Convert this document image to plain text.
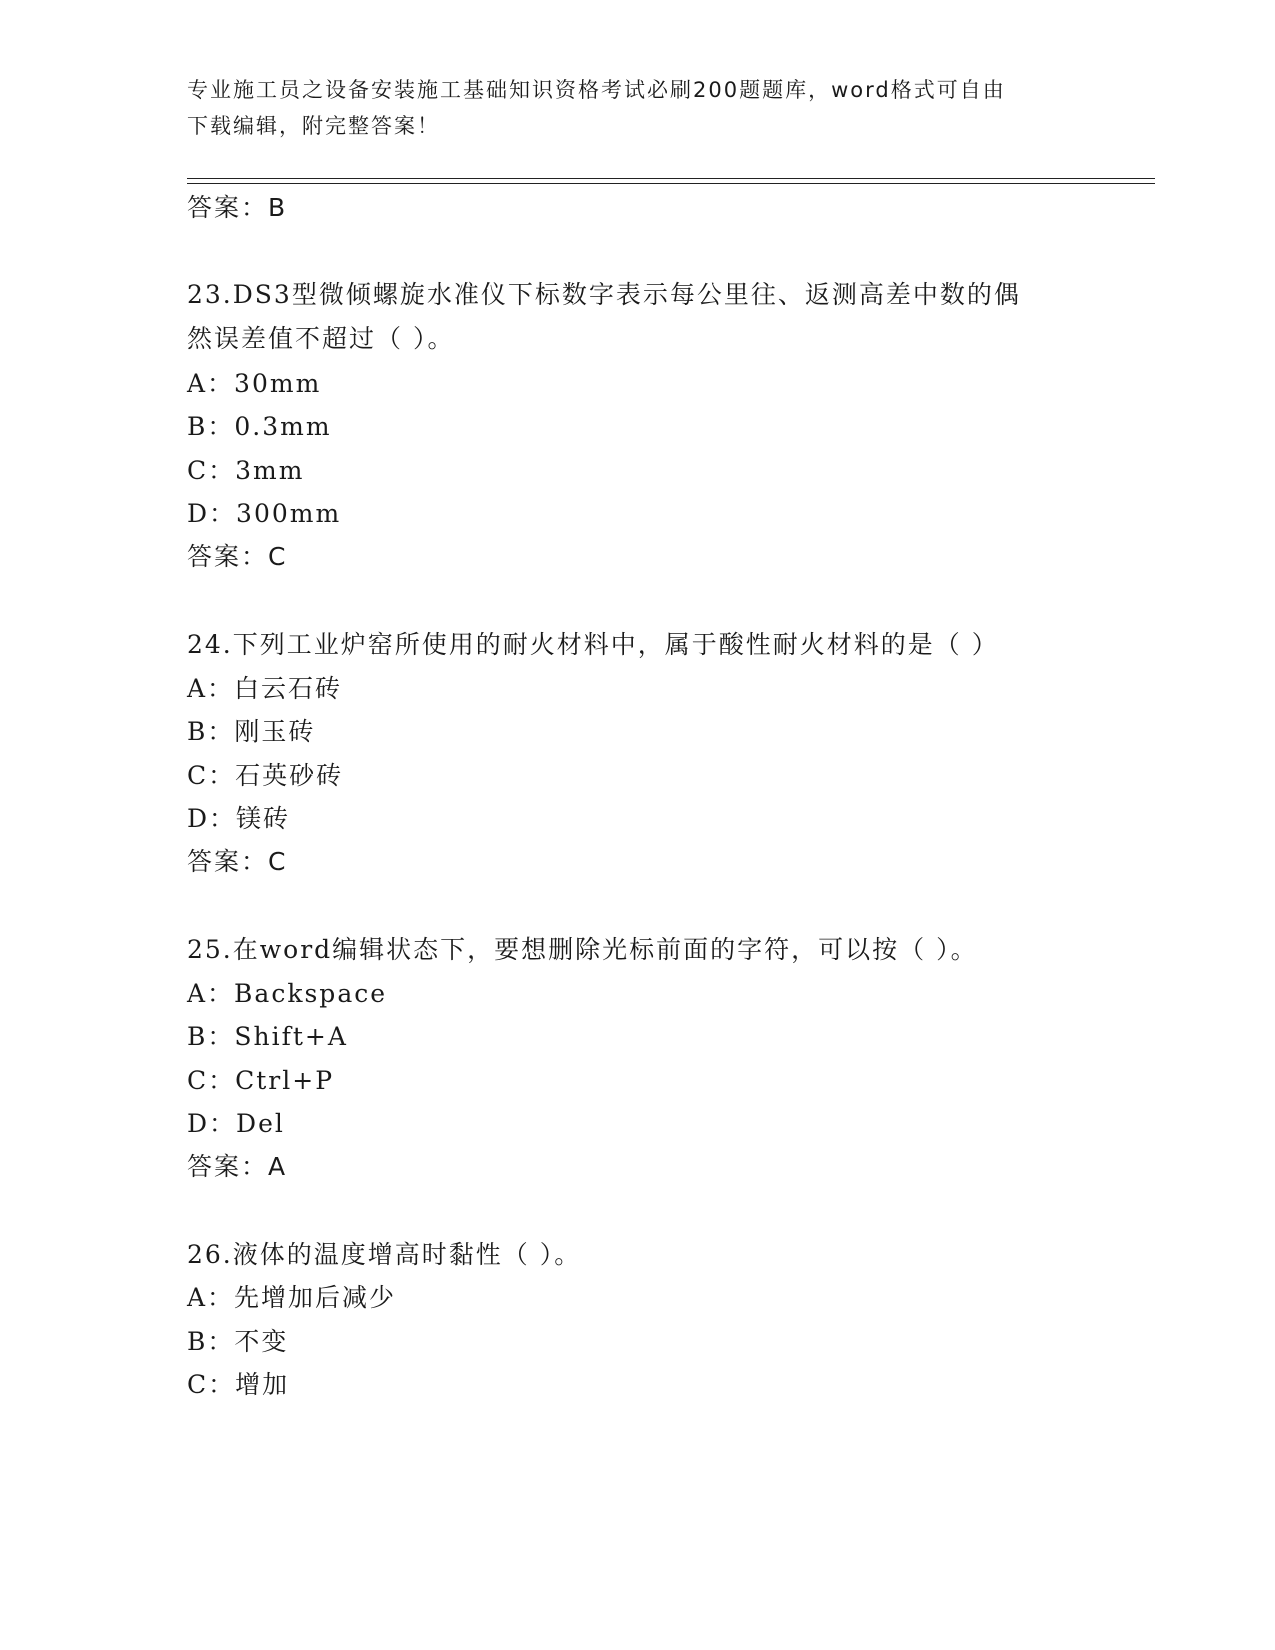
专业施工员之设备安装施工基础知识资格考试必刷200题题库，word格式可自由
下载编辑，附完整答案！
答案：B
23.DS3型微倾螺旋水准仪下标数字表示每公里往、返测高差中数的偶
然误差值不超过（ ）。
A：30mm
B：0.3mm
C：3mm
D：300mm
答案：C
24.下列工业炉窑所使用的耐火材料中，属于酸性耐火材料的是（ ）
A：白云石砖
B：刚玉砖
C：石英砂砖
D：镁砖
答案：C
25.在word编辑状态下，要想删除光标前面的字符，可以按（ ）。
A：Backspace
B：Shift+A
C：Ctrl+P
D：Del
答案：A
26.液体的温度增高时黏性（ ）。
A：先增加后减少
B：不变
C：增加
